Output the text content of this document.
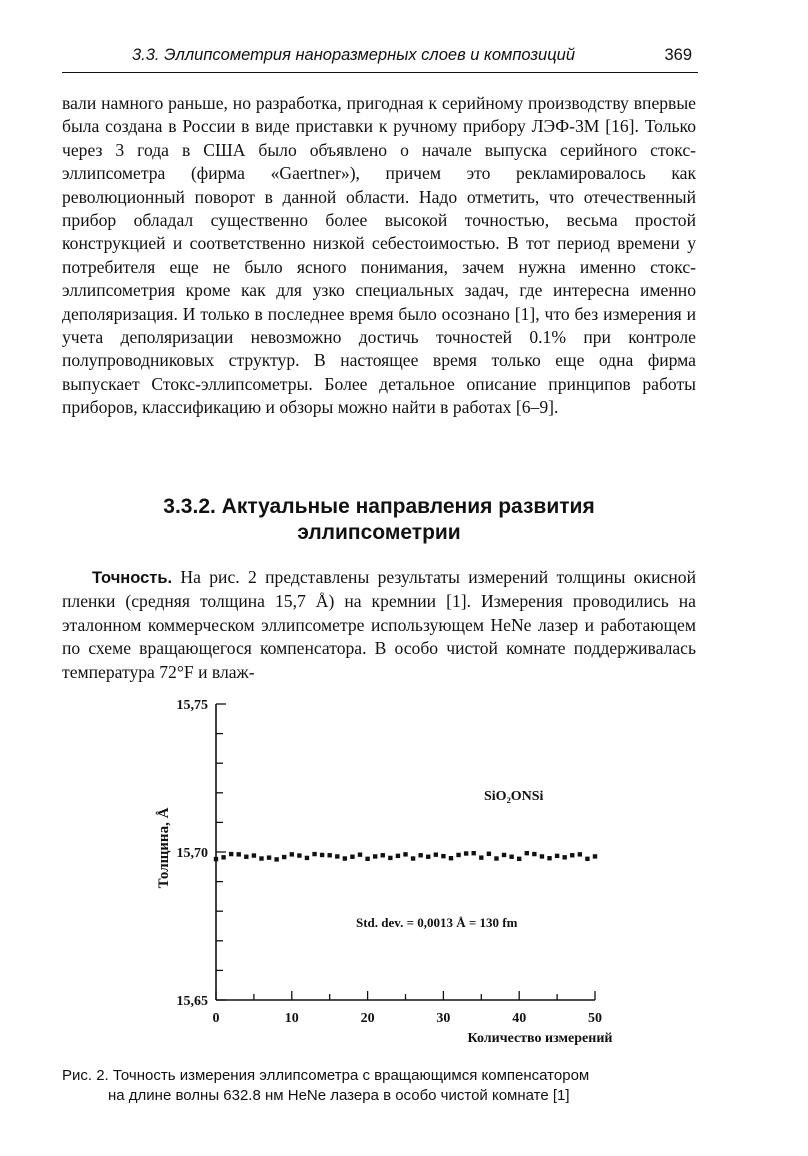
3.3. Эллипсометрия наноразмерных слоев и композиций	369

вали намного раньше, но разработка, пригодная к серийному производству впервые была создана в России в виде приставки к ручному прибору ЛЭФ-3М [16]. Только через 3 года в США было объявлено о начале выпуска серийного стокс-эллипсометра (фирма «Gaertner»), причем это рекламировалось как революционный поворот в данной области. Надо отметить, что отечественный прибор обладал существенно более высокой точностью, весьма простой конструкцией и соответственно низкой себестоимостью. В тот период времени у потребителя еще не было ясного понимания, зачем нужна именно стокс-эллипсометрия кроме как для узко специальных задач, где интересна именно деполяризация. И только в последнее время было осознано [1], что без измерения и учета деполяризации невозможно достичь точностей 0.1% при контроле полупроводниковых структур. В настоящее время только еще одна фирма выпускает Стокс-эллипсометры. Более детальное описание принципов работы приборов, классификацию и обзоры можно найти в работах [6–9].

3.3.2. Актуальные направления развития
эллипсометрии

Точность. На рис. 2 представлены результаты измерений толщины окисной пленки (средняя толщина 15,7 Å) на кремнии [1]. Измерения проводились на эталонном коммерческом эллипсометре использующем HeNe лазер и работающем по схеме вращающегося компенсатора. В особо чистой комнате поддерживалась температура 72°F и влаж-

0	10	20	30	40	50
15,65
15,70
15,75
Толщина, Å
Количество измерений
SiO₂ONSi
Std. dev. = 0,0013 Å = 130 fm

Рис. 2. Точность измерения эллипсометра с вращающимся компенсатором
на длине волны 632.8 нм HeNe лазера в особо чистой комнате [1]
